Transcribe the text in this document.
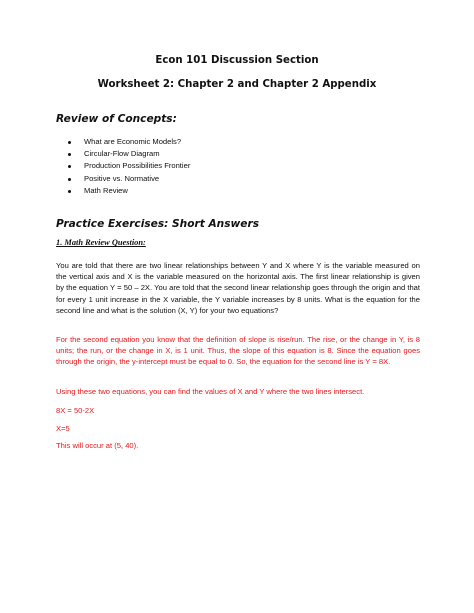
Econ 101 Discussion Section
Worksheet 2: Chapter 2 and Chapter 2 Appendix
Review of Concepts:
What are Economic Models?
Circular-Flow Diagram
Production Possibilities Frontier
Positive vs. Normative
Math Review
Practice Exercises: Short Answers
1. Math Review Question:

You are told that there are two linear relationships between Y and X where Y is the variable measured on the vertical axis and X is the variable measured on the horizontal axis. The first linear relationship is given by the equation Y = 50 – 2X. You are told that the second linear relationship goes through the origin and that for every 1 unit increase in the X variable, the Y variable increases by 8 units. What is the equation for the second line and what is the solution (X, Y) for your two equations?

For the second equation you know that the definition of slope is rise/run. The rise, or the change in Y, is 8 units; the run, or the change in X, is 1 unit. Thus, the slope of this equation is 8. Since the equation goes through the origin, the y-intercept must be equal to 0. So, the equation for the second line is Y = 8X.

Using these two equations, you can find the values of X and Y where the two lines intersect.

8X = 50-2X

X=5

This will occur at (5, 40).
